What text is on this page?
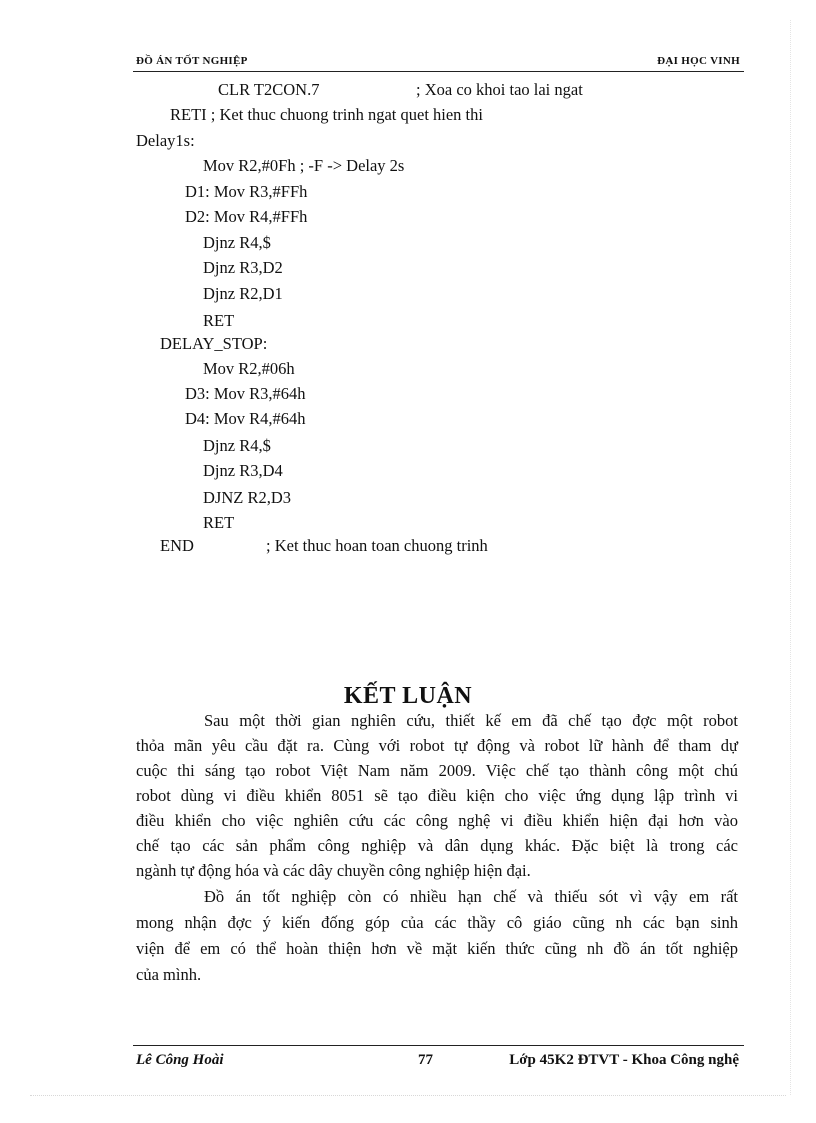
ĐỒ ÁN TỐT NGHIỆP	ĐẠI HỌC VINH
CLR T2CON.7	; Xoa co khoi tao lai ngat
RETI ; Ket thuc chuong trinh ngat quet hien thi
Delay1s:
Mov R2,#0Fh ; -F -> Delay 2s
D1: Mov R3,#FFh
D2: Mov R4,#FFh
Djnz R4,$
Djnz R3,D2
Djnz R2,D1
RET
DELAY_STOP:
Mov R2,#06h
D3: Mov R3,#64h
D4: Mov R4,#64h
Djnz R4,$
Djnz R3,D4
DJNZ R2,D3
RET
END	; Ket thuc hoan toan chuong trinh
KẾT LUẬN
Sau một thời gian nghiên cứu, thiết kế em đã chế tạo đợc một robot
thỏa mãn yêu cầu đặt ra. Cùng với robot tự động và robot lữ hành để tham dự
cuộc thi sáng tạo robot Việt Nam năm 2009. Việc chế tạo thành công một chú
robot dùng vi điều khiển 8051 sẽ tạo điều kiện cho việc ứng dụng lập trình vi
điều khiển cho việc nghiên cứu các công nghệ vi điều khiển hiện đại hơn vào
chế tạo các sản phẩm công nghiệp và dân dụng khác. Đặc biệt là trong các
ngành tự động hóa và các dây chuyền công nghiệp hiện đại.
Đồ án tốt nghiệp còn có nhiều hạn chế và thiếu sót vì vậy em rất
mong nhận đợc ý kiến đống góp của các thầy cô giáo cũng nh các bạn sinh
viện để em có thể hoàn thiện hơn về mặt kiến thức cũng nh đồ án tốt nghiệp
của mình.
Lê Công Hoài	77	Lớp 45K2 ĐTVT - Khoa Công nghệ
